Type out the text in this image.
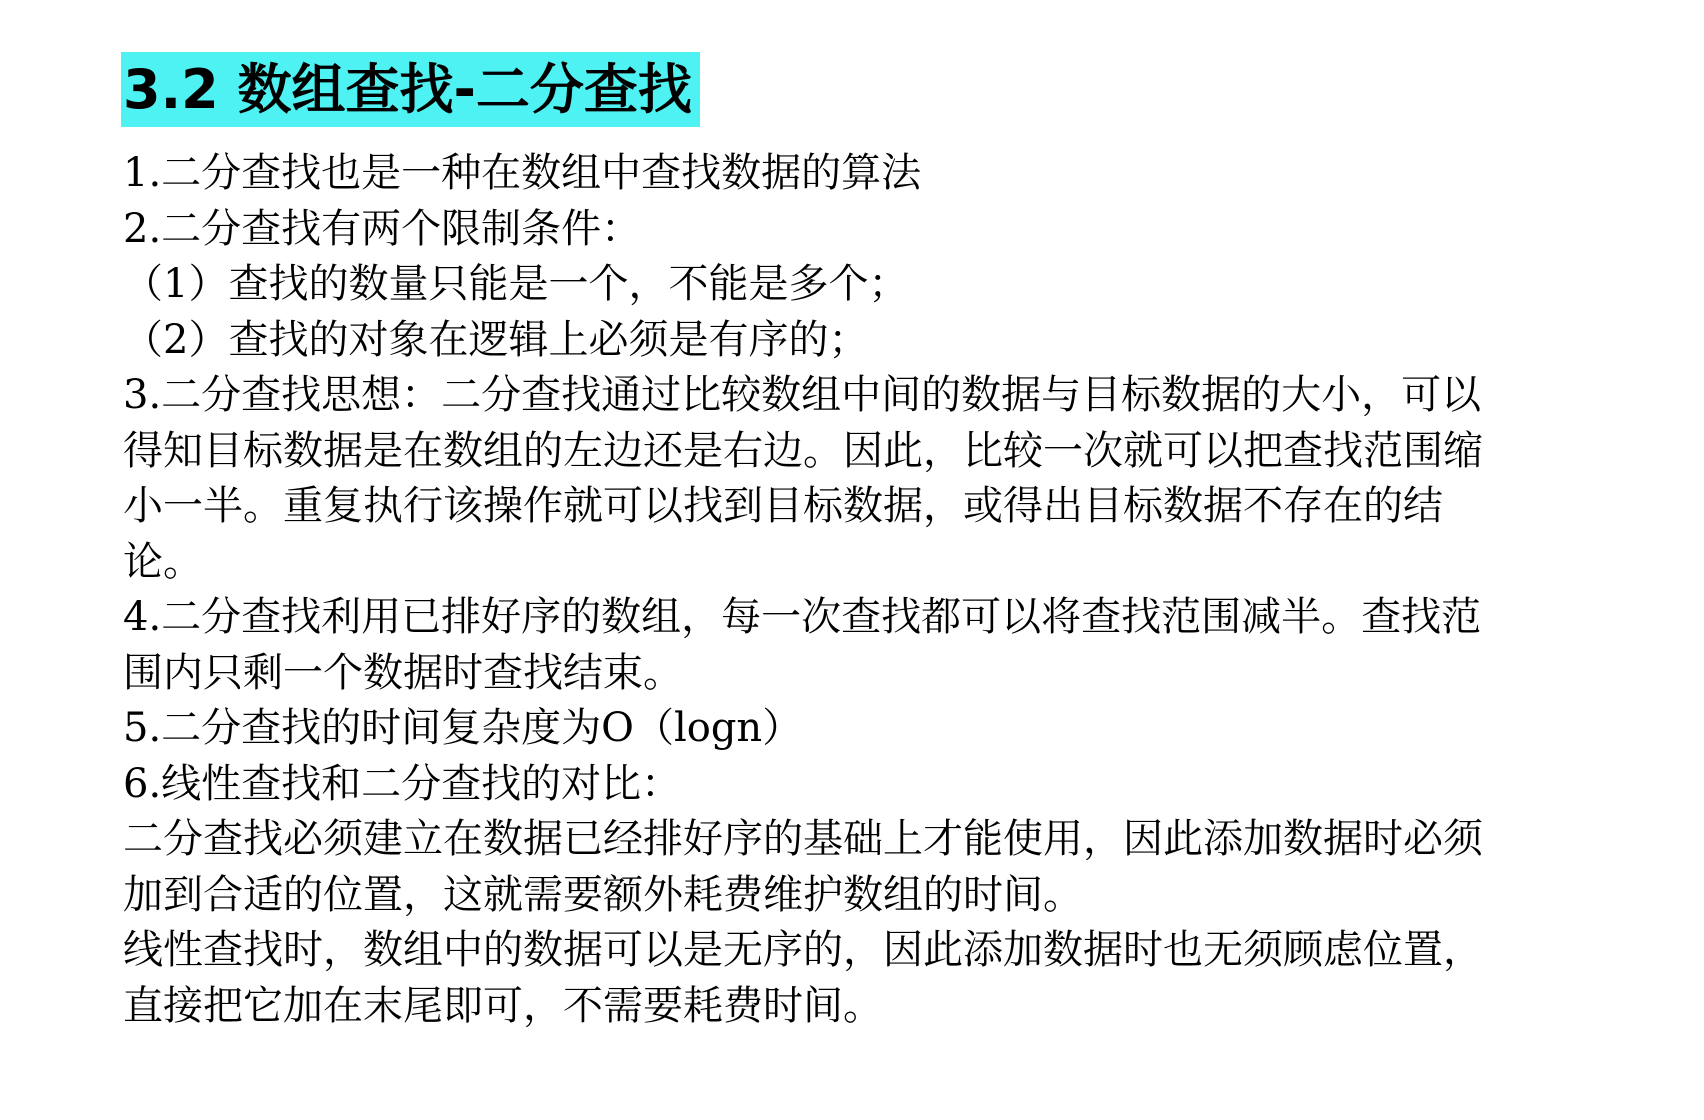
3.2 数组查找-二分查找
1.二分查找也是一种在数组中查找数据的算法
2.二分查找有两个限制条件：
（1）查找的数量只能是一个，不能是多个；
（2）查找的对象在逻辑上必须是有序的；
3.二分查找思想：二分查找通过比较数组中间的数据与目标数据的大小，可以
得知目标数据是在数组的左边还是右边。因此，比较一次就可以把查找范围缩
小一半。重复执行该操作就可以找到目标数据，或得出目标数据不存在的结
论。
4.二分查找利用已排好序的数组，每一次查找都可以将查找范围减半。查找范
围内只剩一个数据时查找结束。
5.二分查找的时间复杂度为O（logn）
6.线性查找和二分查找的对比：
二分查找必须建立在数据已经排好序的基础上才能使用，因此添加数据时必须
加到合适的位置，这就需要额外耗费维护数组的时间。
线性查找时，数组中的数据可以是无序的，因此添加数据时也无须顾虑位置，
直接把它加在末尾即可，不需要耗费时间。
